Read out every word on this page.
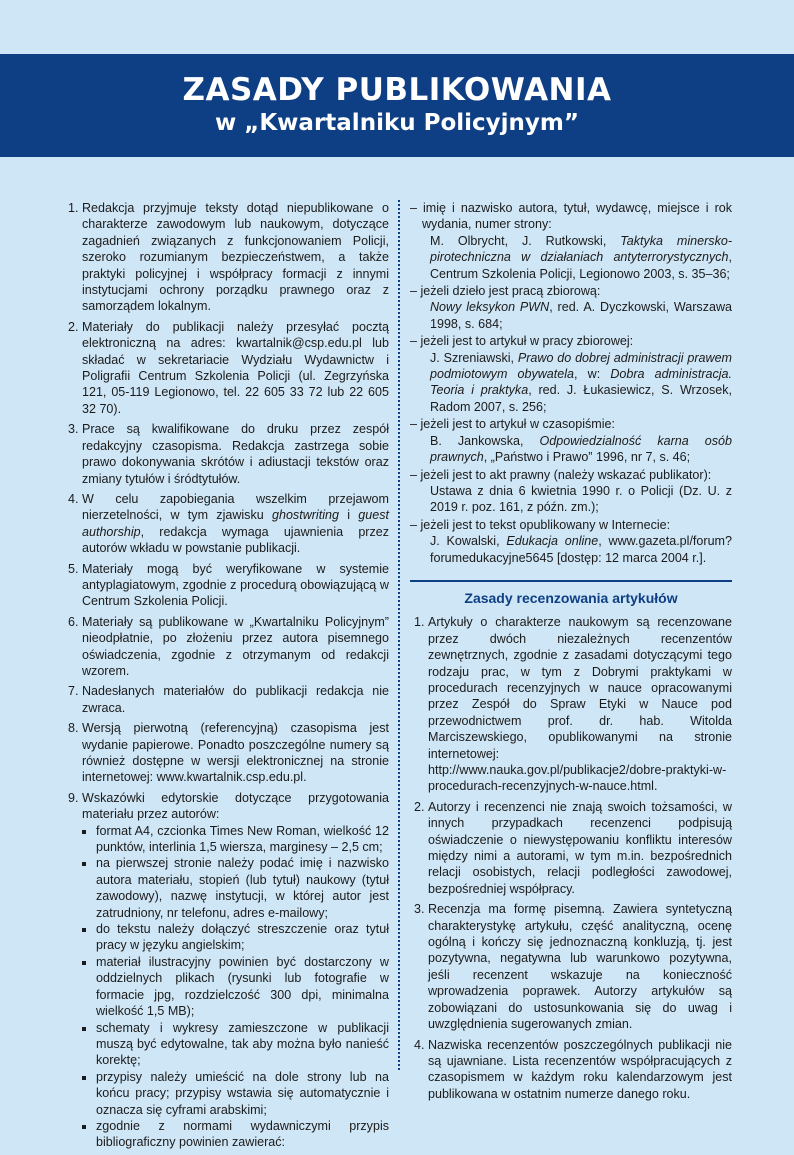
ZASADY PUBLIKOWANIA
w „Kwartalniku Policyjnym”
1. Redakcja przyjmuje teksty dotąd niepublikowane o charakterze zawodowym lub naukowym, dotyczące zagadnień związanych z funkcjonowaniem Policji, szeroko rozumianym bezpieczeństwem, a także praktyki policyjnej i współpracy formacji z innymi instytucjami ochrony porządku prawnego oraz z samorządem lokalnym.
2. Materiały do publikacji należy przesyłać pocztą elektroniczną na adres: kwartalnik@csp.edu.pl lub składać w sekretariacie Wydziału Wydawnictw i Poligrafii Centrum Szkolenia Policji (ul. Zegrzyńska 121, 05-119 Legionowo, tel. 22 605 33 72 lub 22 605 32 70).
3. Prace są kwalifikowane do druku przez zespół redakcyjny czasopisma. Redakcja zastrzega sobie prawo dokonywania skrótów i adiustacji tekstów oraz zmiany tytułów i śródtytułów.
4. W celu zapobiegania wszelkim przejawom nierzetelności, w tym zjawisku ghostwriting i guest authorship, redakcja wymaga ujawnienia przez autorów wkładu w powstanie publikacji.
5. Materiały mogą być weryfikowane w systemie antyplagiatowym, zgodnie z procedurą obowiązującą w Centrum Szkolenia Policji.
6. Materiały są publikowane w „Kwartalniku Policyjnym” nieodpłatnie, po złożeniu przez autora pisemnego oświadczenia, zgodnie z otrzymanym od redakcji wzorem.
7. Nadesłanych materiałów do publikacji redakcja nie zwraca.
8. Wersją pierwotną (referencyjną) czasopisma jest wydanie papierowe. Ponadto poszczególne numery są również dostępne w wersji elektronicznej na stronie internetowej: www.kwartalnik.csp.edu.pl.
9. Wskazówki edytorskie dotyczące przygotowania materiału przez autorów:
▪ format A4, czcionka Times New Roman, wielkość 12 punktów, interlinia 1,5 wiersza, marginesy – 2,5 cm;
▪ na pierwszej stronie należy podać imię i nazwisko autora materiału, stopień (lub tytuł) naukowy (tytuł zawodowy), nazwę instytucji, w której autor jest zatrudniony, nr telefonu, adres e-mailowy;
▪ do tekstu należy dołączyć streszczenie oraz tytuł pracy w języku angielskim;
▪ materiał ilustracyjny powinien być dostarczony w oddzielnych plikach (rysunki lub fotografie w formacie jpg, rozdzielczość 300 dpi, minimalna wielkość 1,5 MB);
▪ schematy i wykresy zamieszczone w publikacji muszą być edytowalne, tak aby można było nanieść korektę;
▪ przypisy należy umieścić na dole strony lub na końcu pracy; przypisy wstawia się automatycznie i oznacza się cyframi arabskimi;
▪ zgodnie z normami wydawniczymi przypis bibliograficzny powinien zawierać:
– imię i nazwisko autora, tytuł, wydawcę, miejsce i rok wydania, numer strony:
M. Olbrycht, J. Rutkowski, Taktyka minersko-pirotechniczna w działaniach antyterrorystycznych, Centrum Szkolenia Policji, Legionowo 2003, s. 35–36;
– jeżeli dzieło jest pracą zbiorową:
Nowy leksykon PWN, red. A. Dyczkowski, Warszawa 1998, s. 684;
– jeżeli jest to artykuł w pracy zbiorowej:
J. Szreniawski, Prawo do dobrej administracji prawem podmiotowym obywatela, w: Dobra administracja. Teoria i praktyka, red. J. Łukasiewicz, S. Wrzosek, Radom 2007, s. 256;
– jeżeli jest to artykuł w czasopiśmie:
B. Jankowska, Odpowiedzialność karna osób prawnych, „Państwo i Prawo” 1996, nr 7, s. 46;
– jeżeli jest to akt prawny (należy wskazać publikator):
Ustawa z dnia 6 kwietnia 1990 r. o Policji (Dz. U. z 2019 r. poz. 161, z późn. zm.);
– jeżeli jest to tekst opublikowany w Internecie:
J. Kowalski, Edukacja online, www.gazeta.pl/forum?forumedukacyjne5645 [dostęp: 12 marca 2004 r.].
Zasady recenzowania artykułów
1. Artykuły o charakterze naukowym są recenzowane przez dwóch niezależnych recenzentów zewnętrznych, zgodnie z zasadami dotyczącymi tego rodzaju prac, w tym z Dobrymi praktykami w procedurach recenzyjnych w nauce opracowanymi przez Zespół do Spraw Etyki w Nauce pod przewodnictwem prof. dr. hab. Witolda Marciszewskiego, opublikowanymi na stronie internetowej: http://www.nauka.gov.pl/publikacje2/dobre-praktyki-w-procedurach-recenzyjnych-w-nauce.html.
2. Autorzy i recenzenci nie znają swoich tożsamości, w innych przypadkach recenzenci podpisują oświadczenie o niewystępowaniu konfliktu interesów między nimi a autorami, w tym m.in. bezpośrednich relacji osobistych, relacji podległości zawodowej, bezpośredniej współpracy.
3. Recenzja ma formę pisemną. Zawiera syntetyczną charakterystykę artykułu, część analityczną, ocenę ogólną i kończy się jednoznaczną konkluzją, tj. jest pozytywna, negatywna lub warunkowo pozytywna, jeśli recenzent wskazuje na konieczność wprowadzenia poprawek. Autorzy artykułów są zobowiązani do ustosunkowania się do uwag i uwzględnienia sugerowanych zmian.
4. Nazwiska recenzentów poszczególnych publikacji nie są ujawniane. Lista recenzentów współpracujących z czasopismem w każdym roku kalendarzowym jest publikowana w ostatnim numerze danego roku.
